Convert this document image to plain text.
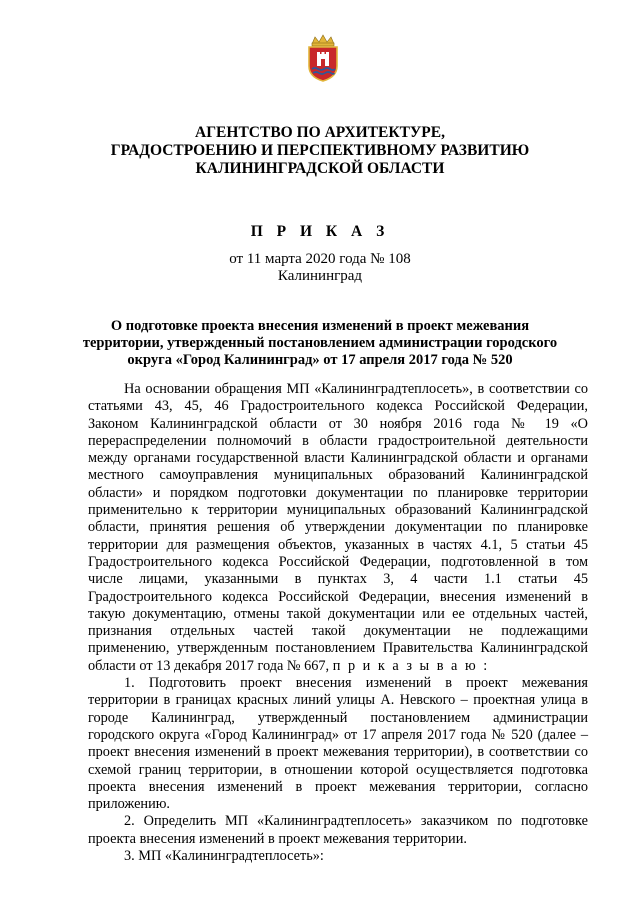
АГЕНТСТВО ПО АРХИТЕКТУРЕ,
ГРАДОСТРОЕНИЮ И ПЕРСПЕКТИВНОМУ РАЗВИТИЮ
КАЛИНИНГРАДСКОЙ ОБЛАСТИ
П Р И К А З
от 11 марта 2020 года № 108
Калининград
О подготовке проекта внесения изменений в проект межевания
территории, утвержденный постановлением администрации городского
округа «Город Калининград» от 17 апреля 2017 года № 520
На основании обращения МП «Калининградтеплосеть», в соответствии со
статьями 43, 45, 46 Градостроительного кодекса Российской Федерации,
Законом Калининградской области от 30 ноября 2016 года № 19 «О
перераспределении полномочий в области градостроительной деятельности
между органами государственной власти Калининградской области и органами
местного самоуправления муниципальных образований Калининградской
области» и порядком подготовки документации по планировке территории
применительно к территории муниципальных образований Калининградской
области, принятия решения об утверждении документации по планировке
территории для размещения объектов, указанных в частях 4.1, 5 статьи 45
Градостроительного кодекса Российской Федерации, подготовленной в том
числе лицами, указанными в пунктах 3, 4 части 1.1 статьи 45
Градостроительного кодекса Российской Федерации, внесения изменений в
такую документацию, отмены такой документации или ее отдельных частей,
признания отдельных частей такой документации не подлежащими
применению, утвержденным постановлением Правительства Калининградской
области от 13 декабря 2017 года № 667, п р и к а з ы в а ю :
1. Подготовить проект внесения изменений в проект межевания
территории в границах красных линий улицы А. Невского – проектная улица в
городе Калининград, утвержденный постановлением администрации
городского округа «Город Калининград» от 17 апреля 2017 года № 520 (далее –
проект внесения изменений в проект межевания территории), в соответствии со
схемой границ территории, в отношении которой осуществляется подготовка
проекта внесения изменений в проект межевания территории, согласно
приложению.
2. Определить МП «Калининградтеплосеть» заказчиком по подготовке
проекта внесения изменений в проект межевания территории.
3. МП «Калининградтеплосеть»:
